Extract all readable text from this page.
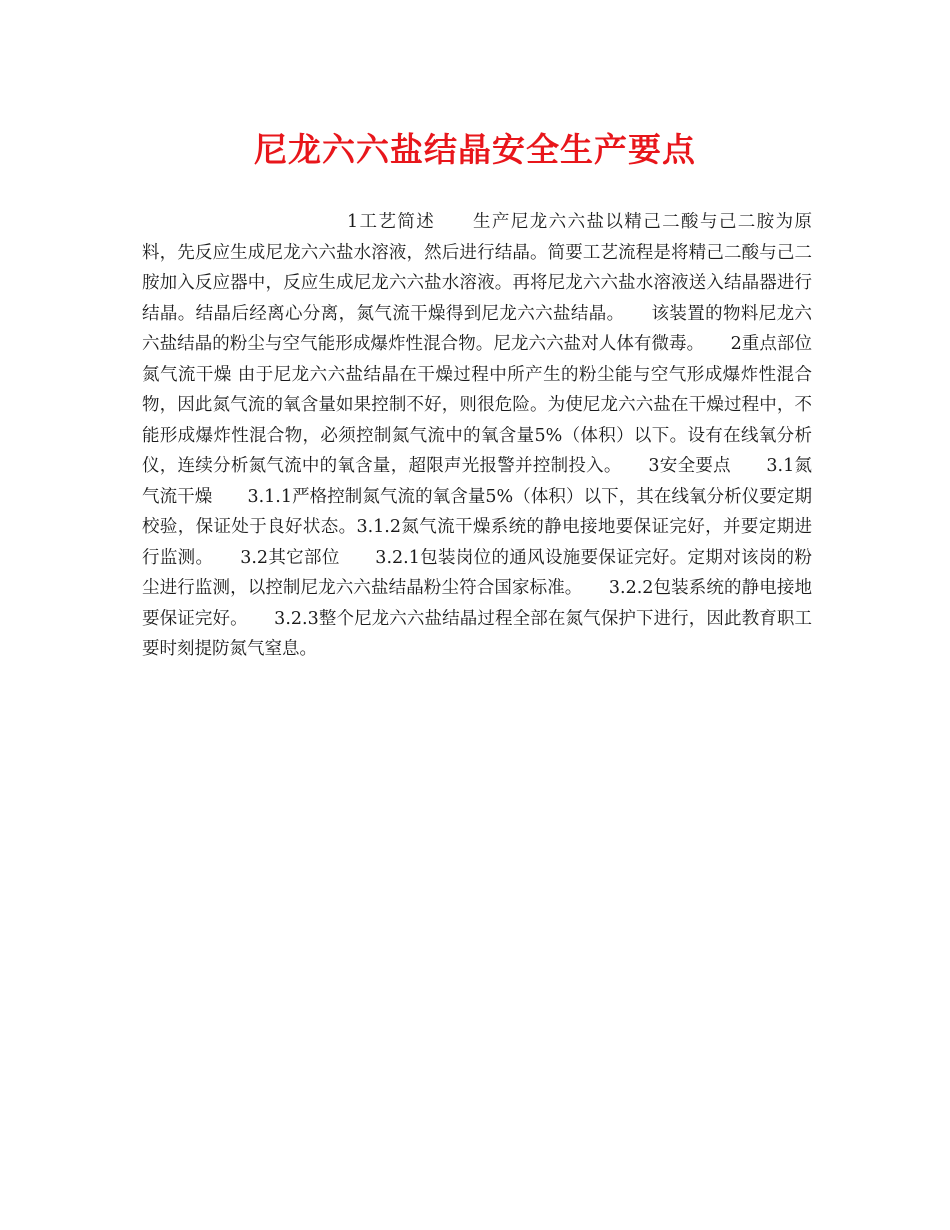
尼龙六六盐结晶安全生产要点

1工艺简述　　生产尼龙六六盐以精己二酸与己二胺为原料，先反应生成尼龙六六盐水溶液，然后进行结晶。简要工艺流程是将精己二酸与己二胺加入反应器中，反应生成尼龙六六盐水溶液。再将尼龙六六盐水溶液送入结晶器进行结晶。结晶后经离心分离，氮气流干燥得到尼龙六六盐结晶。　　该装置的物料尼龙六六盐结晶的粉尘与空气能形成爆炸性混合物。尼龙六六盐对人体有微毒。　　2重点部位　　氮气流干燥 由于尼龙六六盐结晶在干燥过程中所产生的粉尘能与空气形成爆炸性混合物，因此氮气流的氧含量如果控制不好，则很危险。为使尼龙六六盐在干燥过程中，不能形成爆炸性混合物，必须控制氮气流中的氧含量5%（体积）以下。设有在线氧分析仪，连续分析氮气流中的氧含量，超限声光报警并控制投入。　　3安全要点　　3.1氮气流干燥　　3.1.1严格控制氮气流的氧含量5%（体积）以下，其在线氧分析仪要定期校验，保证处于良好状态。3.1.2氮气流干燥系统的静电接地要保证完好，并要定期进行监测。　　3.2其它部位　　3.2.1包装岗位的通风设施要保证完好。定期对该岗的粉尘进行监测，以控制尼龙六六盐结晶粉尘符合国家标准。　　3.2.2包装系统的静电接地要保证完好。　　3.2.3整个尼龙六六盐结晶过程全部在氮气保护下进行，因此教育职工要时刻提防氮气窒息。
